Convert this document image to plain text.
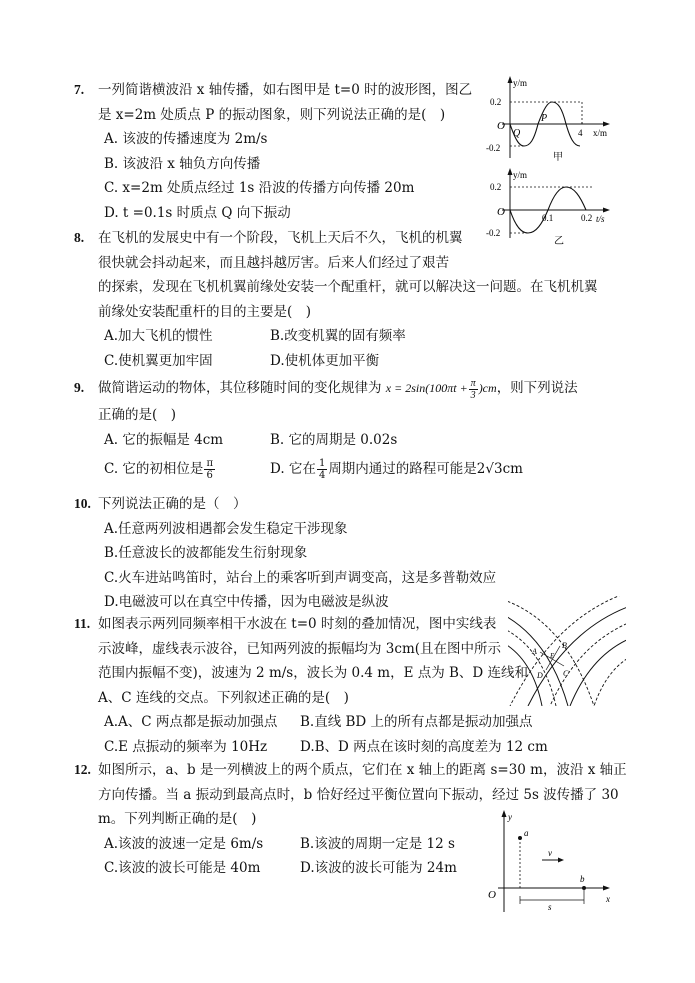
7. 一列简谐横波沿 x 轴传播，如右图甲是 t=0 时的波形图，图乙
是 x=2m 处质点 P 的振动图象，则下列说法正确的是(　)
A. 该波的传播速度为 2m/s
B. 该波沿 x 轴负方向传播
C. x=2m 处质点经过 1s 沿波的传播方向传播 20m
D. t =0.1s 时质点 Q 向下振动
y/m
x/m
O
0.2
-0.2
4
P
Q
甲
y/m
t/s
O
0.2
-0.2
0.1	0.2
乙
8. 在飞机的发展史中有一个阶段，飞机上天后不久，飞机的机翼
很快就会抖动起来，而且越抖越厉害。后来人们经过了艰苦
的探索，发现在飞机机翼前缘处安装一个配重杆，就可以解决这一问题。在飞机机翼
前缘处安装配重杆的目的主要是(　)
A.加大飞机的惯性	B.改变机翼的固有频率
C.使机翼更加牢固	D.使机体更加平衡
9. 做简谐运动的物体，其位移随时间的变化规律为 $x = 2\sin(100\pi t + \frac{\pi}{3} )cm$，则下列说法
正确的是(　)
A. 它的振幅是 4cm	B. 它的周期是 0.02s
C. 它的初相位是 $\frac{\pi}{6}$	D. 它在 $\frac{1}{4}$ 周期内通过的路程可能是2√3cm
10. 下列说法正确的是（　）
A.任意两列波相遇都会发生稳定干涉现象
B.任意波长的波都能发生衍射现象
C.火车进站鸣笛时，站台上的乘客听到声调变高，这是多普勒效应
D.电磁波可以在真空中传播，因为电磁波是纵波
11. 如图表示两列同频率相干水波在 t=0 时刻的叠加情况，图中实线表
示波峰，虚线表示波谷，已知两列波的振幅均为 3cm(且在图中所示
范围内振幅不变)，波速为 2 m/s，波长为 0.4 m，E 点为 B、D 连线和
A、C 连线的交点。下列叙述正确的是(　)
A.A、C 两点都是振动加强点 B.直线 BD 上的所有点都是振动加强点
C.E 点振动的频率为 10Hz D.B、D 两点在该时刻的高度差为 12 cm
A
B
C
D
E
12. 如图所示，a、b 是一列横波上的两个质点，它们在 x 轴上的距离 s=30 m，波沿 x 轴正
方向传播。当 a 振动到最高点时，b 恰好经过平衡位置向下振动，经过 5s 波传播了 30
m。下列判断正确的是(　)
A.该波的波速一定是 6m/s	B.该波的周期一定是 12 s
C.该波的波长可能是 40m	D.该波的波长可能为 24m
y
x
O
a
b
v
s
